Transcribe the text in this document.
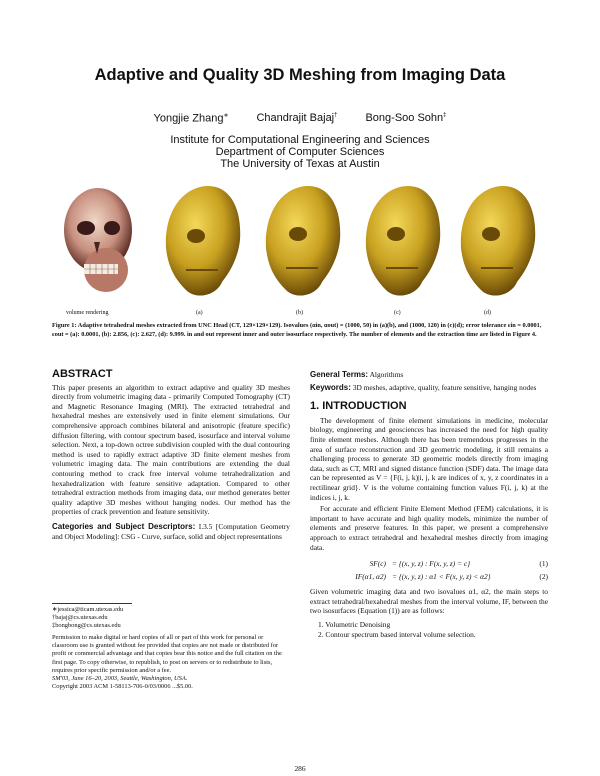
Adaptive and Quality 3D Meshing from Imaging Data
Yongjie Zhang∗	Chandrajit Bajaj†	Bong-Soo Sohn‡
Institute for Computational Engineering and Sciences
Department of Computer Sciences
The University of Texas at Austin
volume rendering	(a)	(b)	(c)	(d)
Figure 1: Adaptive tetrahedral meshes extracted from UNC Head (CT, 129×129×129). Isovalues (αin, αout) = (1000, 50) in (a)(b), and (1000, 120) in (c)(d); error tolerance εin = 0.0001, εout = (a): 0.0001, (b): 2.856, (c): 2.627, (d): 9.999. in and out represent inner and outer isosurface respectively. The number of elements and the extraction time are listed in Figure 4.
ABSTRACT

This paper presents an algorithm to extract adaptive and quality 3D meshes directly from volumetric imaging data - primarily Computed Tomography (CT) and Magnetic Resonance Imaging (MRI). The extracted tetrahedral and hexahedral meshes are extensively used in finite element simulations. Our comprehensive approach combines bilateral and anisotropic (feature specific) diffusion filtering, with contour spectrum based, isosurface and interval volume selection. Next, a top-down octree subdivision coupled with the dual contouring method is used to rapidly extract adaptive 3D finite element meshes from volumetric imaging data. The main contributions are extending the dual contouring method to crack free interval volume tetrahedralization and hexahedralization with feature sensitive adaptation. Compared to other tetrahedral extraction methods from imaging data, our method generates better quality adaptive 3D meshes without hanging nodes. Our method has the properties of crack prevention and feature sensitivity.

Categories and Subject Descriptors: I.3.5 [Computation Geometry and Object Modeling]: CSG - Curve, surface, solid and object representations

∗jessica@ticam.utexas.edu
†bajaj@cs.utexas.edu
‡bongbong@cs.utexas.edu
Permission to make digital or hard copies of all or part of this work for personal or classroom use is granted without fee provided that copies are not made or distributed for profit or commercial advantage and that copies bear this notice and the full citation on the first page. To copy otherwise, to republish, to post on servers or to redistribute to lists, requires prior specific permission and/or a fee.
SM'03, June 16–20, 2003, Seattle, Washington, USA.
Copyright 2003 ACM 1-58113-706-0/03/0006 ...$5.00.

General Terms: Algorithms

Keywords: 3D meshes, adaptive, quality, feature sensitive, hanging nodes

1. INTRODUCTION

The development of finite element simulations in medicine, molecular biology, engineering and geosciences has increased the need for high quality finite element meshes. Although there has been tremendous progresses in the area of surface reconstruction and 3D geometric modeling, it still remains a challenging process to generate 3D geometric models directly from imaging data, such as CT, MRI and signed distance function (SDF) data. The image data can be represented as V = {F(i, j, k)|i, j, k are indices of x, y, z coordinates in a rectilinear grid}. V is the volume containing function values F(i, j, k) at the indices i, j, k.

For accurate and efficient Finite Element Method (FEM) calculations, it is important to have accurate and high quality models, minimize the number of elements and preserve features. In this paper, we present a comprehensive approach to extract tetrahedral and hexahedral meshes directly from imaging data.

SF(c) = {(x, y, z) : F(x, y, z) = c}	(1)
IF(α1, α2) = {(x, y, z) : α1 < F(x, y, z) < α2}	(2)

Given volumetric imaging data and two isovalues α1, α2, the main steps to extract tetrahedral/hexahedral meshes from the interval volume, IF, between the two isosurfaces (Equation (1)) are as follows:

1. Volumetric Denoising
2. Contour spectrum based interval volume selection.
286
